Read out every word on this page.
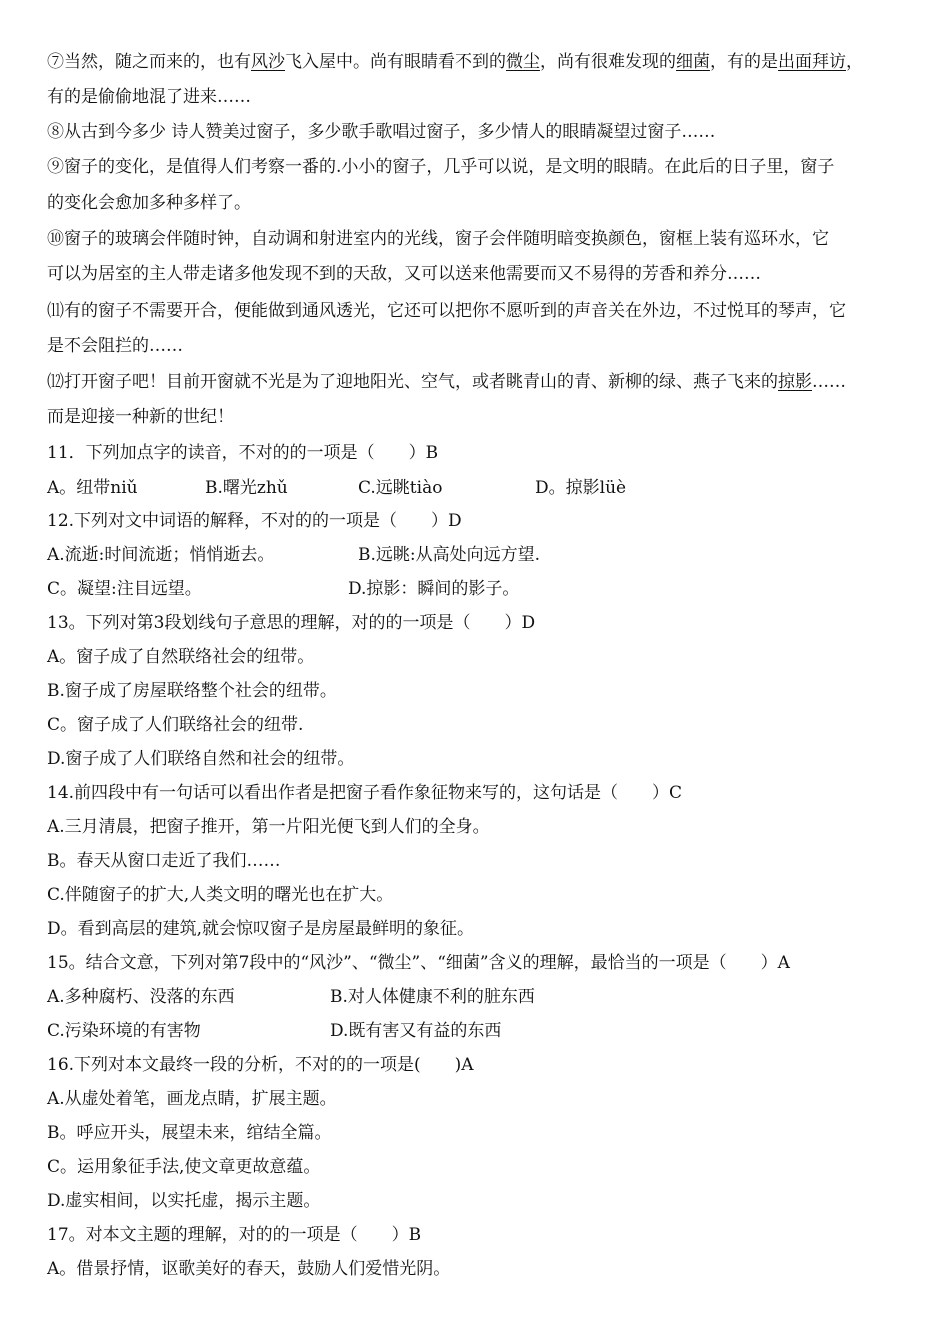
⑦当然，随之而来的，也有风沙飞入屋中。尚有眼睛看不到的微尘，尚有很难发现的细菌，有的是出面拜访，
有的是偷偷地混了进来……
⑧从古到今多少 诗人赞美过窗子，多少歌手歌唱过窗子，多少情人的眼睛凝望过窗子……
⑨窗子的变化，是值得人们考察一番的.小小的窗子，几乎可以说，是文明的眼睛。在此后的日子里，窗子
的变化会愈加多种多样了。
⑩窗子的玻璃会伴随时钟，自动调和射进室内的光线，窗子会伴随明暗变换颜色，窗框上装有巡环水，它
可以为居室的主人带走诸多他发现不到的天敌，又可以送来他需要而又不易得的芳香和养分……
⑾有的窗子不需要开合，便能做到通风透光，它还可以把你不愿听到的声音关在外边，不过悦耳的琴声，它
是不会阻拦的……
⑿打开窗子吧！目前开窗就不光是为了迎地阳光、空气，或者眺青山的青、新柳的绿、燕子飞来的掠影……
而是迎接一种新的世纪！
11．下列加点字的读音，不对的的一项是（　　）B
A。纽带niǔ	B.曙光zhǔ	C.远眺tiào	D。掠影lüè
12.下列对文中词语的解释，不对的的一项是（　　）D
A.流逝:时间流逝；悄悄逝去。	B.远眺:从高处向远方望.
C。凝望:注目远望。	D.掠影：瞬间的影子。
13。下列对第3段划线句子意思的理解，对的的一项是（　　）D
A。窗子成了自然联络社会的纽带。
B.窗子成了房屋联络整个社会的纽带。
C。窗子成了人们联络社会的纽带.
D.窗子成了人们联络自然和社会的纽带。
14.前四段中有一句话可以看出作者是把窗子看作象征物来写的，这句话是（　　）C
A.三月清晨，把窗子推开，第一片阳光便飞到人们的全身。
B。春天从窗口走近了我们……
C.伴随窗子的扩大,人类文明的曙光也在扩大。
D。看到高层的建筑,就会惊叹窗子是房屋最鲜明的象征。
15。结合文意，下列对第7段中的“风沙”、“微尘”、“细菌”含义的理解，最恰当的一项是（　　）A
A.多种腐朽、没落的东西	B.对人体健康不利的脏东西
C.污染环境的有害物	D.既有害又有益的东西
16.下列对本文最终一段的分析，不对的的一项是(　　)A
A.从虚处着笔，画龙点睛，扩展主题。
B。呼应开头，展望未来，绾结全篇。
C。运用象征手法,使文章更故意蕴。
D.虚实相间，以实托虚，揭示主题。
17。对本文主题的理解，对的的一项是（　　）B
A。借景抒情，讴歌美好的春天，鼓励人们爱惜光阴。
